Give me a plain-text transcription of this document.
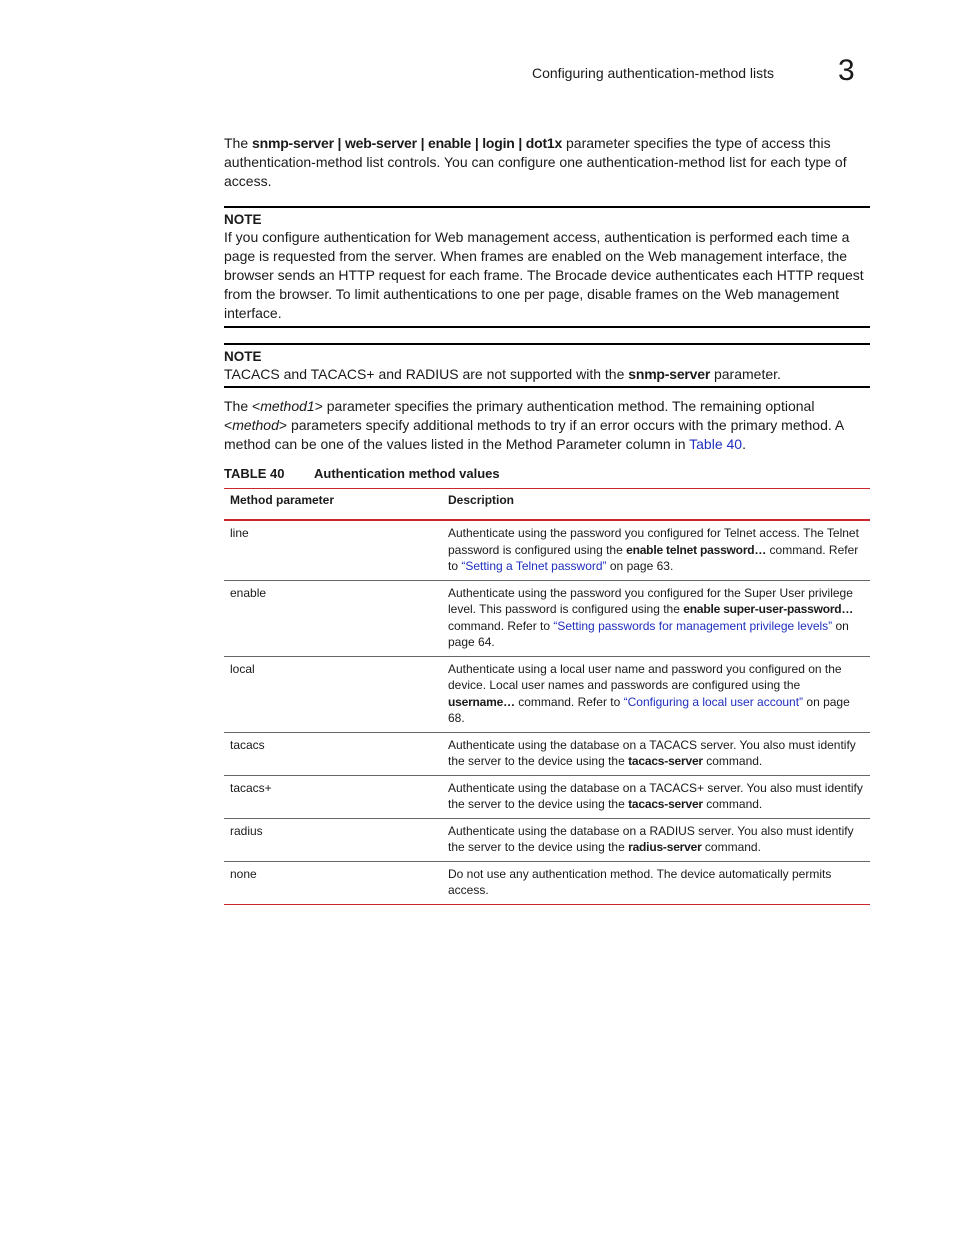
Configuring authentication-method lists 3

The snmp-server | web-server | enable | login | dot1x parameter specifies the type of access this authentication-method list controls. You can configure one authentication-method list for each type of access.

NOTE

If you configure authentication for Web management access, authentication is performed each time a page is requested from the server. When frames are enabled on the Web management interface, the browser sends an HTTP request for each frame. The Brocade device authenticates each HTTP request from the browser. To limit authentications to one per page, disable frames on the Web management interface.

NOTE

TACACS and TACACS+ and RADIUS are not supported with the snmp-server parameter.

The <method1> parameter specifies the primary authentication method. The remaining optional <method> parameters specify additional methods to try if an error occurs with the primary method. A method can be one of the values listed in the Method Parameter column in Table 40.

TABLE 40 Authentication method values
Method parameter	Description
line	Authenticate using the password you configured for Telnet access. The Telnet password is configured using the enable telnet password… command. Refer to “Setting a Telnet password” on page 63.
enable	Authenticate using the password you configured for the Super User privilege level. This password is configured using the enable super-user-password… command. Refer to “Setting passwords for management privilege levels” on page 64.
local	Authenticate using a local user name and password you configured on the device. Local user names and passwords are configured using the username… command. Refer to “Configuring a local user account” on page 68.
tacacs	Authenticate using the database on a TACACS server. You also must identify the server to the device using the tacacs-server command.
tacacs+	Authenticate using the database on a TACACS+ server. You also must identify the server to the device using the tacacs-server command.
radius	Authenticate using the database on a RADIUS server. You also must identify the server to the device using the radius-server command.
none	Do not use any authentication method. The device automatically permits access.
